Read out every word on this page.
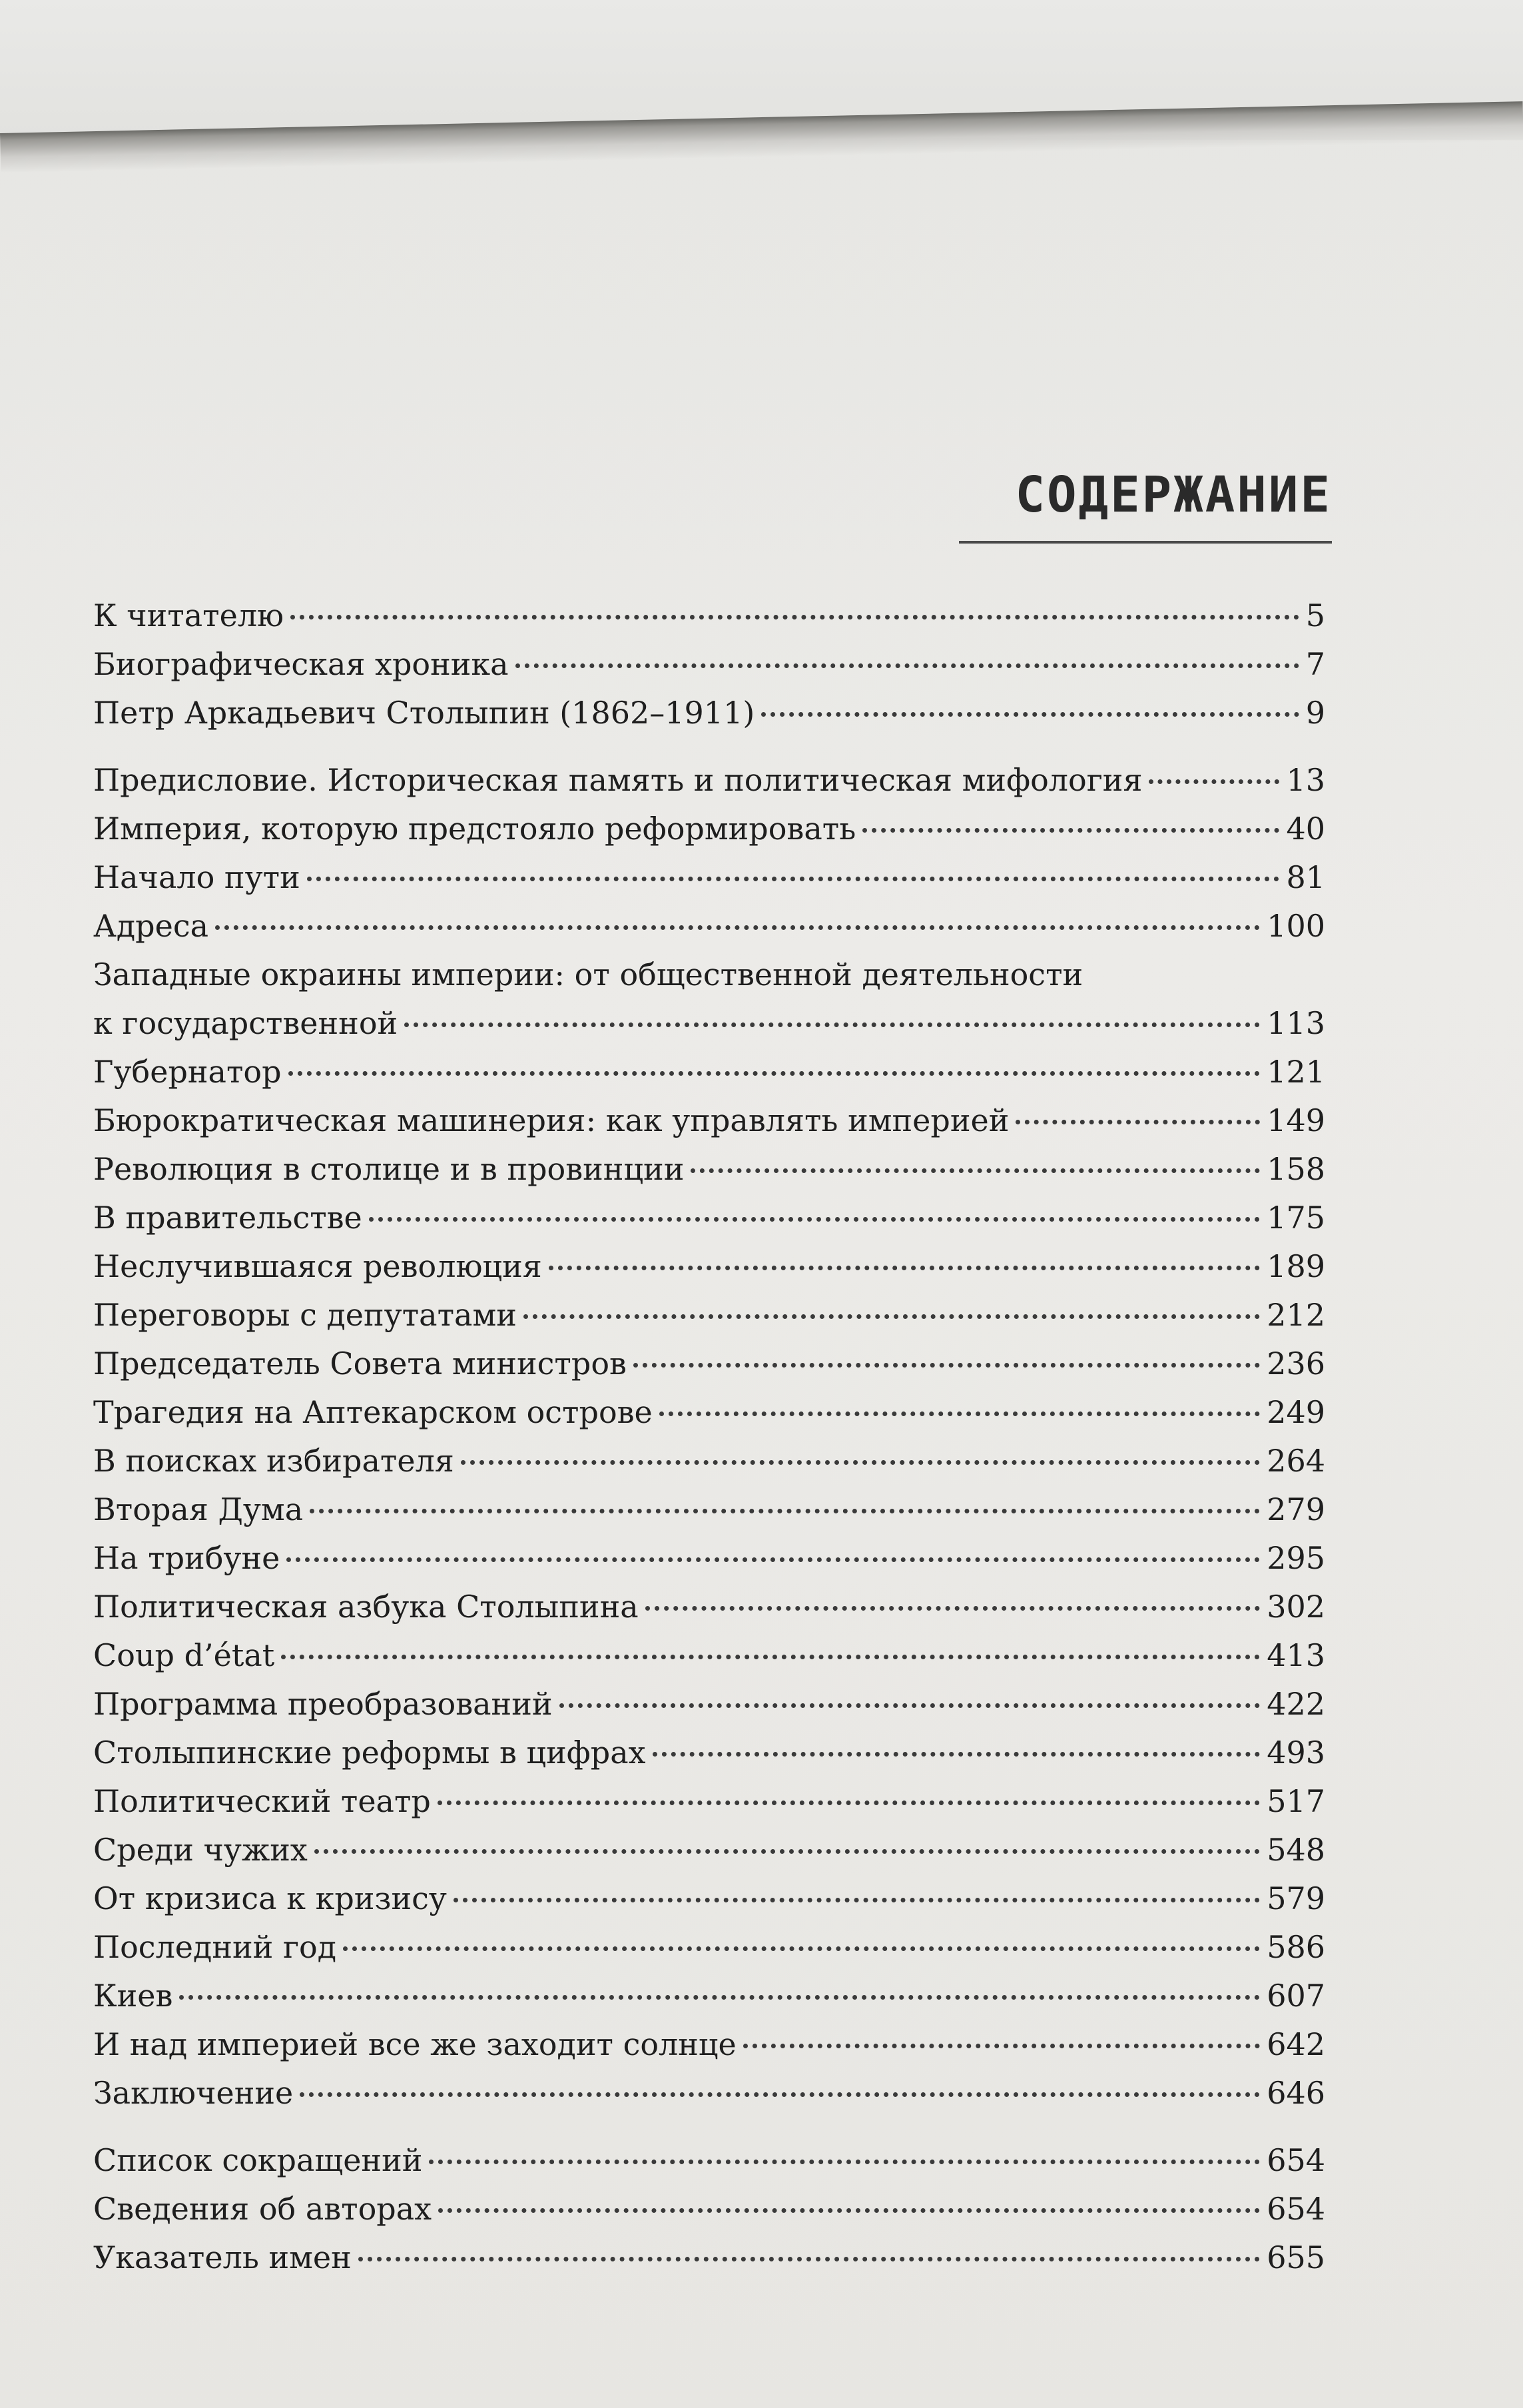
СОДЕРЖАНИЕ
К читателю	5
Биографическая хроника	7
Петр Аркадьевич Столыпин (1862–1911)	9
Предисловие. Историческая память и политическая мифология	13
Империя, которую предстояло реформировать	40
Начало пути	81
Адреса	100
Западные окраины империи: от общественной деятельности
к государственной	113
Губернатор	121
Бюрократическая машинерия: как управлять империей	149
Революция в столице и в провинции	158
В правительстве	175
Неслучившаяся революция	189
Переговоры с депутатами	212
Председатель Совета министров	236
Трагедия на Аптекарском острове	249
В поисках избирателя	264
Вторая Дума	279
На трибуне	295
Политическая азбука Столыпина	302
Coup d’état	413
Программа преобразований	422
Столыпинские реформы в цифрах	493
Политический театр	517
Среди чужих	548
От кризиса к кризису	579
Последний год	586
Киев	607
И над империей все же заходит солнце	642
Заключение	646
Список сокращений	654
Сведения об авторах	654
Указатель имен	655
